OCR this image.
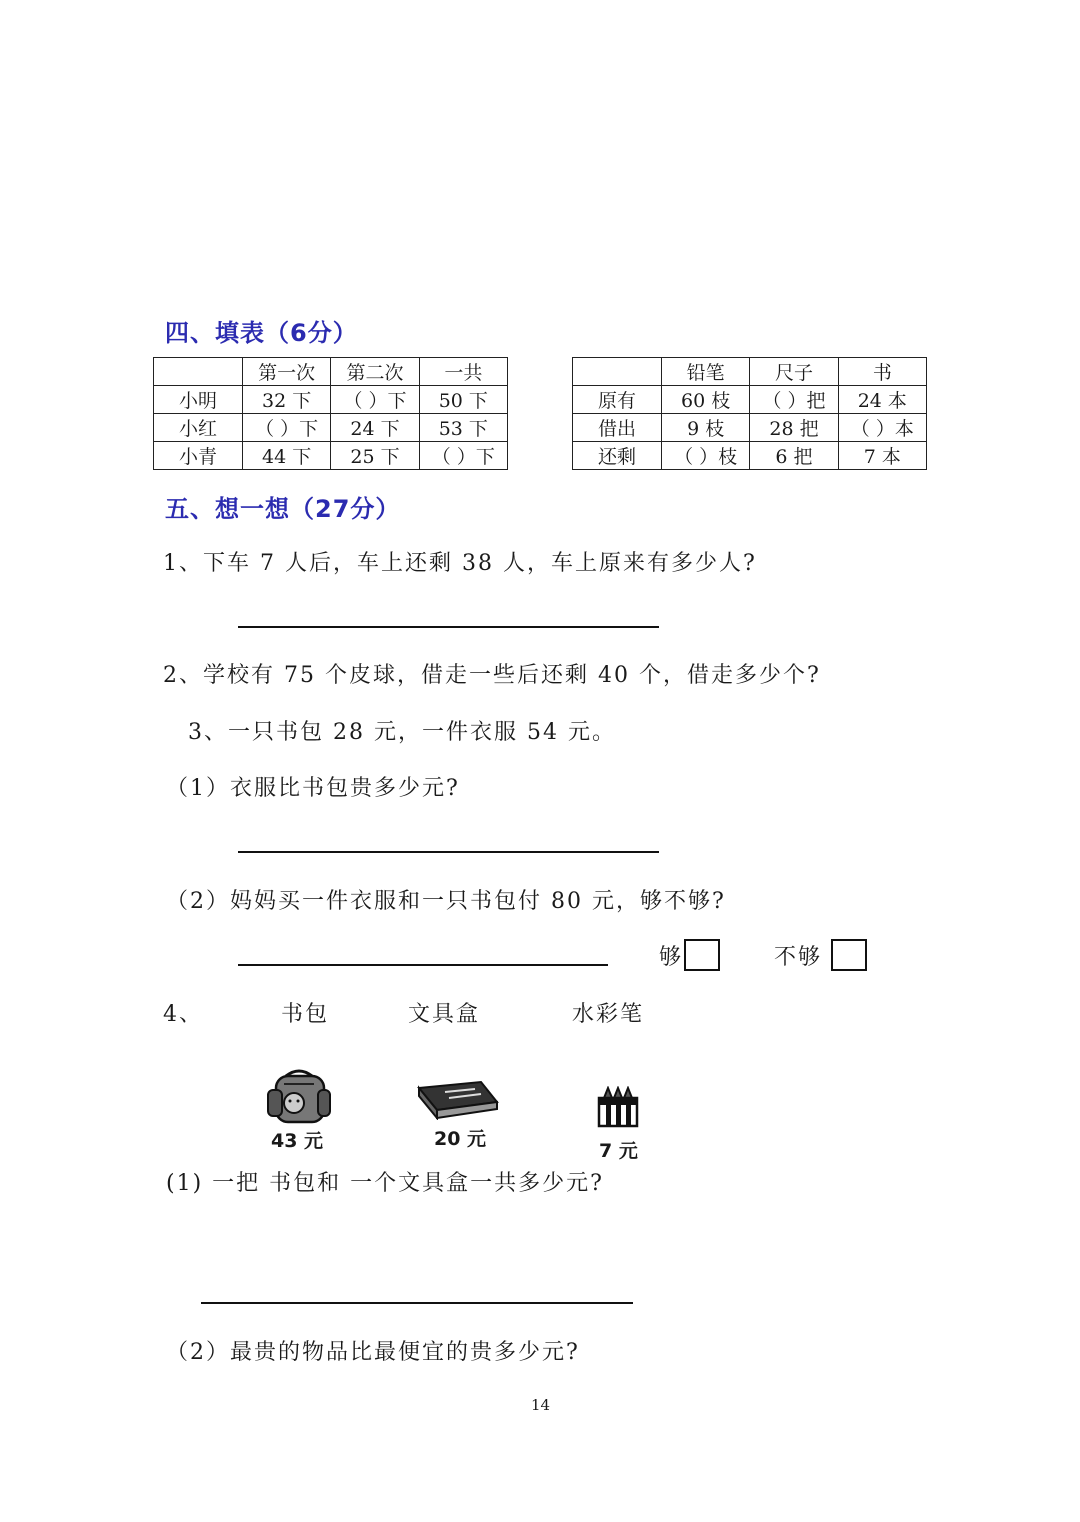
四、填表（6分）
	第一次	第二次	一共
小明	32 下	（ ）下	50 下
小红	（ ）下	24 下	53 下
小青	44 下	25 下	（ ）下
	铅笔	尺子	书
原有	60 枝	（ ）把	24 本
借出	9 枝	28 把	（ ）本
还剩	（ ）枝	6 把	7 本
五、想一想（27分）
1、下车 7 人后，车上还剩 38 人，车上原来有多少人?
2、学校有 75 个皮球，借走一些后还剩 40 个，借走多少个?
3、一只书包 28 元，一件衣服 54 元。
（1）衣服比书包贵多少元?
（2）妈妈买一件衣服和一只书包付 80 元，够不够?
够	不够
4、	书包	文具盒	水彩笔
43 元	20 元
7 元
(1) 一把 书包和 一个文具盒一共多少元?
（2）最贵的物品比最便宜的贵多少元?
14
